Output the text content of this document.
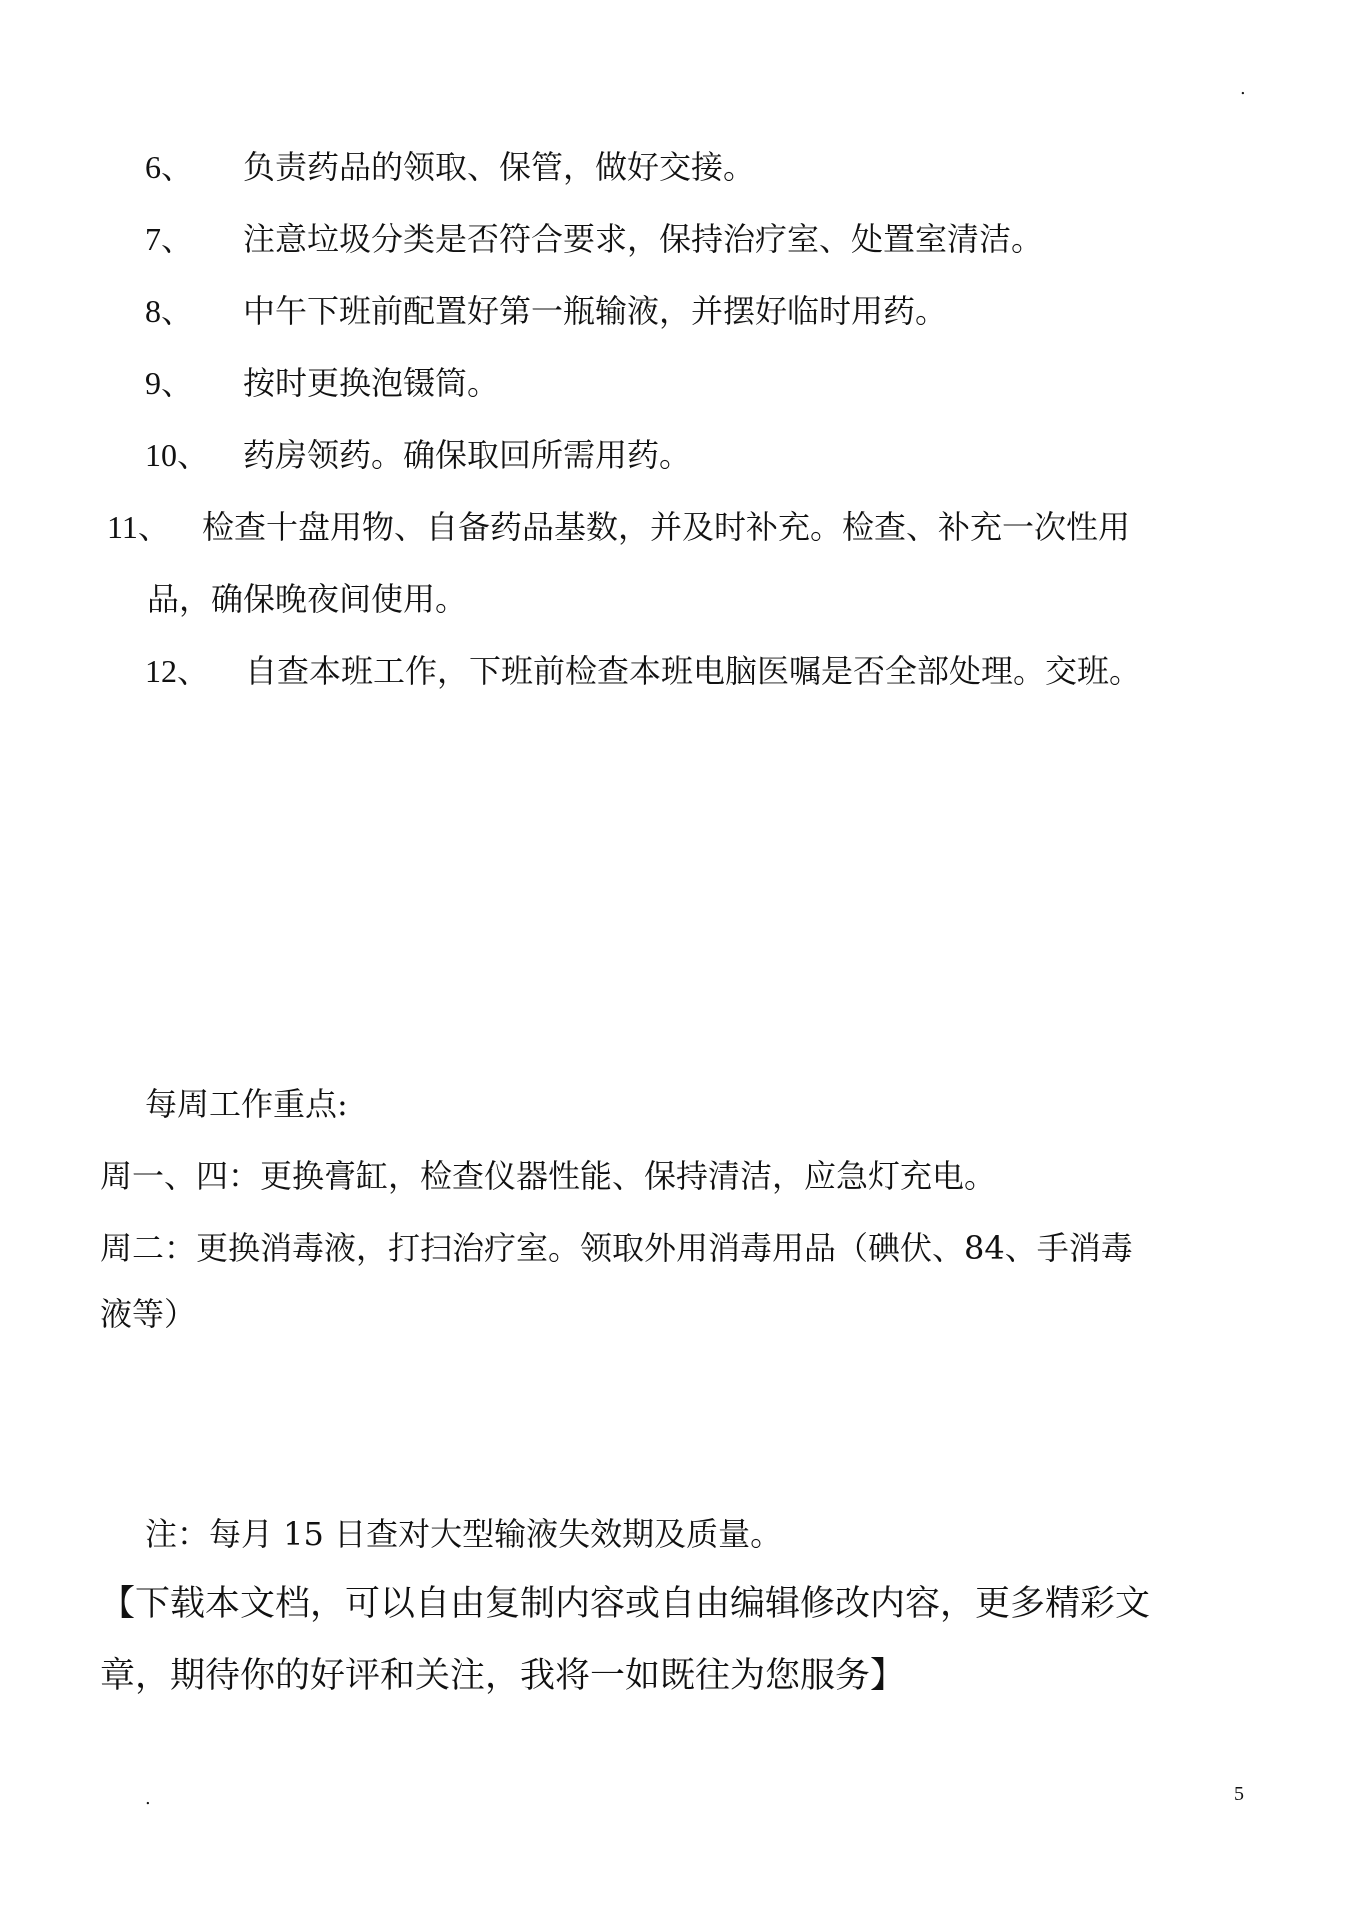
.
6、 负责药品的领取、保管，做好交接。
7、 注意垃圾分类是否符合要求，保持治疗室、处置室清洁。
8、 中午下班前配置好第一瓶输液，并摆好临时用药。
9、 按时更换泡镊筒。
10、 药房领药。确保取回所需用药。
11、 检查十盘用物、自备药品基数，并及时补充。检查、补充一次性用
品，确保晚夜间使用。
12、 自查本班工作，下班前检查本班电脑医嘱是否全部处理。交班。
每周工作重点:
周一、四：更换膏缸，检查仪器性能、保持清洁，应急灯充电。
周二：更换消毒液，打扫治疗室。领取外用消毒用品（碘伏、84、手消毒
液等）
注：每月 15 日查对大型输液失效期及质量。
【下载本文档，可以自由复制内容或自由编辑修改内容，更多精彩文
章，期待你的好评和关注，我将一如既往为您服务】
.	5
